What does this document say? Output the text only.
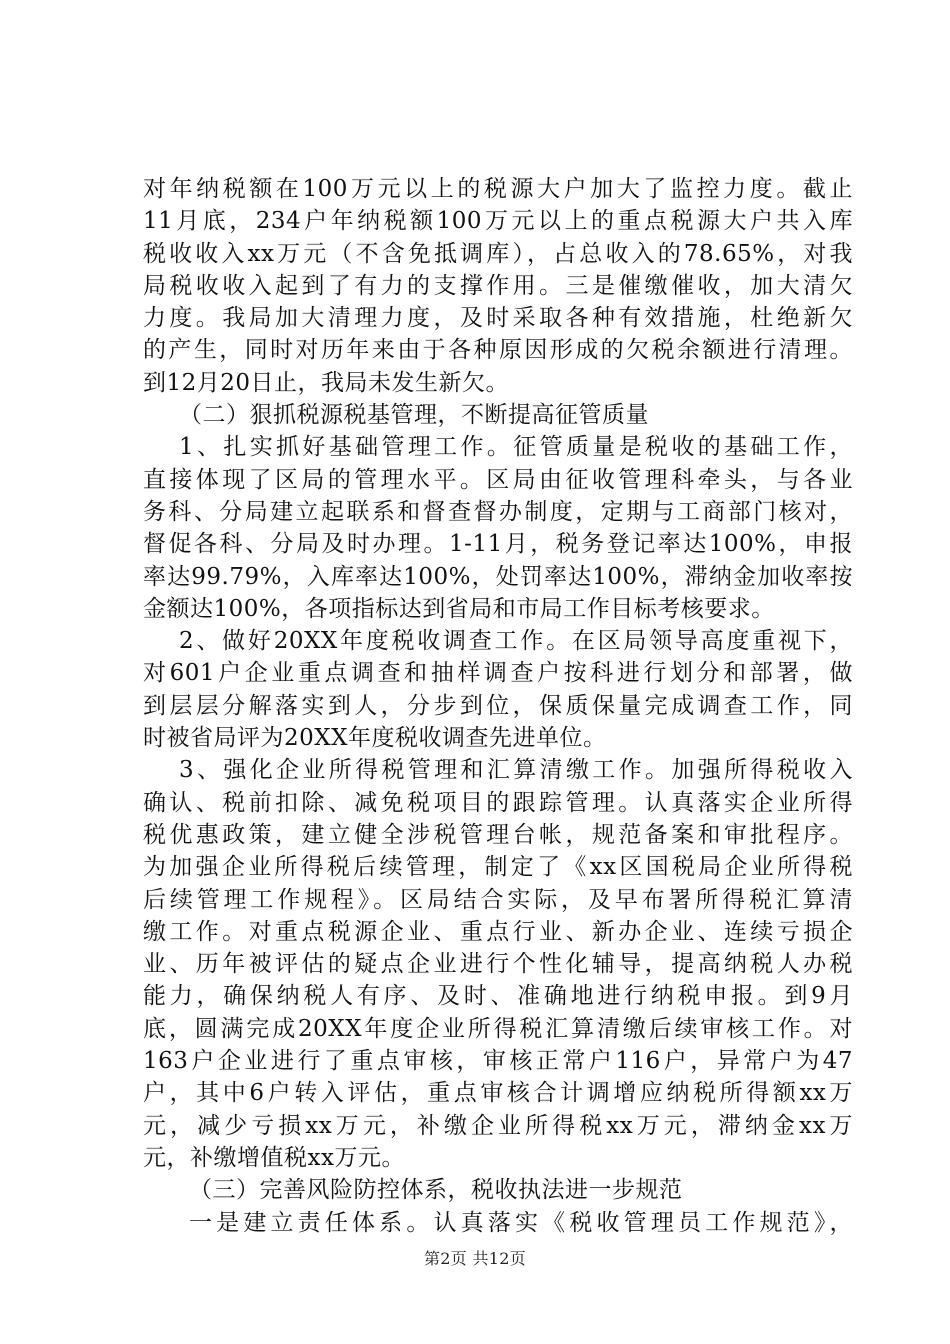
对年纳税额在100万元以上的税源大户加大了监控力度。截止
11月底，234户年纳税额100万元以上的重点税源大户共入库
税收收入xx万元（不含免抵调库），占总收入的78.65%，对我
局税收收入起到了有力的支撑作用。三是催缴催收，加大清欠
力度。我局加大清理力度，及时采取各种有效措施，杜绝新欠
的产生，同时对历年来由于各种原因形成的欠税余额进行清理。
到12月20日止，我局未发生新欠。
（二）狠抓税源税基管理，不断提高征管质量
1、扎实抓好基础管理工作。征管质量是税收的基础工作，
直接体现了区局的管理水平。区局由征收管理科牵头，与各业
务科、分局建立起联系和督查督办制度，定期与工商部门核对，
督促各科、分局及时办理。1-11月，税务登记率达100%，申报
率达99.79%，入库率达100%，处罚率达100%，滞纳金加收率按
金额达100%，各项指标达到省局和市局工作目标考核要求。
2、做好20XX年度税收调查工作。在区局领导高度重视下，
对601户企业重点调查和抽样调查户按科进行划分和部署，做
到层层分解落实到人，分步到位，保质保量完成调查工作，同
时被省局评为20XX年度税收调查先进单位。
3、强化企业所得税管理和汇算清缴工作。加强所得税收入
确认、税前扣除、减免税项目的跟踪管理。认真落实企业所得
税优惠政策，建立健全涉税管理台帐，规范备案和审批程序。
为加强企业所得税后续管理，制定了《xx区国税局企业所得税
后续管理工作规程》。区局结合实际，及早布署所得税汇算清
缴工作。对重点税源企业、重点行业、新办企业、连续亏损企
业、历年被评估的疑点企业进行个性化辅导，提高纳税人办税
能力，确保纳税人有序、及时、准确地进行纳税申报。到9月
底，圆满完成20XX年度企业所得税汇算清缴后续审核工作。对
163户企业进行了重点审核，审核正常户116户，异常户为47
户，其中6户转入评估，重点审核合计调增应纳税所得额xx万
元，减少亏损xx万元，补缴企业所得税xx万元，滞纳金xx万
元，补缴增值税xx万元。
（三）完善风险防控体系，税收执法进一步规范
一是建立责任体系。认真落实《税收管理员工作规范》，
第2页 共12页
